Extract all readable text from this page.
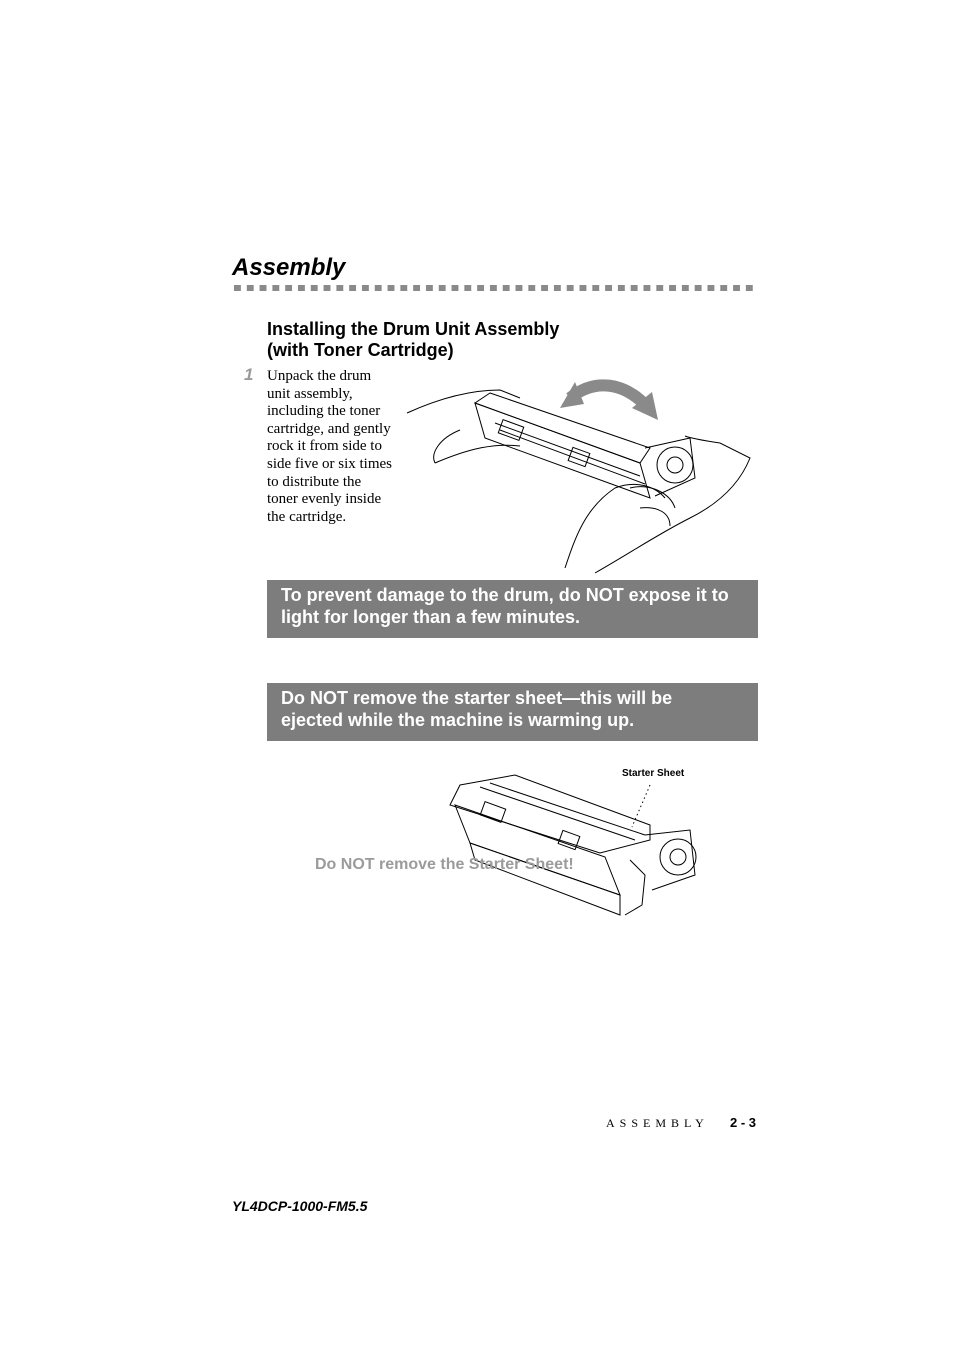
Assembly
Installing the Drum Unit Assembly
(with Toner Cartridge)
1 Unpack the drum unit assembly, including the toner cartridge, and gently rock it from side to side five or six times to distribute the toner evenly inside the cartridge.

To prevent damage to the drum, do NOT expose it to
light for longer than a few minutes.
Do NOT remove the starter sheet—this will be
ejected while the machine is warming up.
Starter Sheet
Do NOT remove the Starter Sheet!
ASSEMBLY 2 - 3
YL4DCP-1000-FM5.5
